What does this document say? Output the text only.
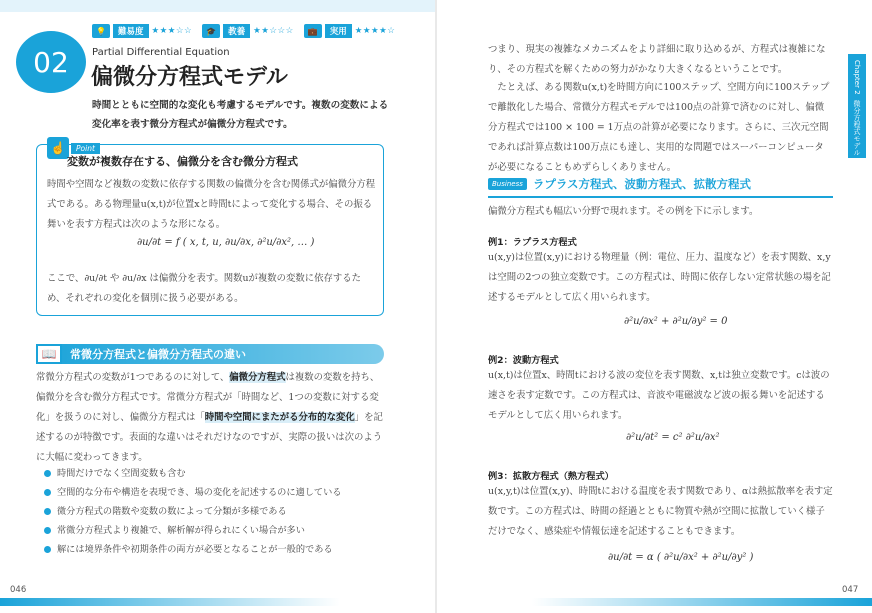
💡	難易度 ★★★☆☆	🎓	教養 ★★☆☆☆	💼	実用 ★★★★☆
02	Partial Differential Equation
偏微分方程式モデル
時間とともに空間的な変化も考慮するモデルです。複数の変数による変化率を表す微分方程式が偏微分方程式です。
☝	Point
変数が複数存在する、偏微分を含む微分方程式
時間や空間など複数の変数に依存する関数の偏微分を含む関係式が偏微分方程式である。ある物理量u(x,t)が位置xと時間tによって変化する場合、その振る舞いを表す方程式は次のような形になる。
∂u/∂t = f ( x, t, u, ∂u/∂x, ∂²u/∂x², … )
ここで、∂u/∂t や ∂u/∂x は偏微分を表す。関数uが複数の変数に依存するため、それぞれの変化を個別に扱う必要がある。
📖	常微分方程式と偏微分方程式の違い
常微分方程式の変数が1つであるのに対して、偏微分方程式は複数の変数を持ち、偏微分を含む微分方程式です。常微分方程式が「時間など、1つの変数に対する変化」を扱うのに対し、偏微分方程式は「時間や空間にまたがる分布的な変化」を記述するのが特徴です。表面的な違いはそれだけなのですが、実際の扱いは次のように大幅に変わってきます。
時間だけでなく空間変数も含む
空間的な分布や構造を表現でき、場の変化を記述するのに適している
微分方程式の階数や変数の数によって分類が多様である
常微分方程式より複雑で、解析解が得られにくい場合が多い
解には境界条件や初期条件の両方が必要となることが一般的である
046
つまり、現実の複雑なメカニズムをより詳細に取り込めるが、方程式は複雑になり、その方程式を解くための努力がかなり大きくなるということです。
たとえば、ある関数u(x,t)を時間方向に100ステップ、空間方向に100ステップで離散化した場合、常微分方程式モデルでは100点の計算で済むのに対し、偏微分方程式では100 × 100 = 1万点の計算が必要になります。さらに、三次元空間であれば計算点数は100万点にも達し、実用的な問題ではスーパーコンピュータが必要になることもめずらしくありません。
Chapter 2
微分方程式モデル
Business ラプラス方程式、波動方程式、拡散方程式
偏微分方程式も幅広い分野で現れます。その例を下に示します。
例1：ラプラス方程式
u(x,y)は位置(x,y)における物理量（例：電位、圧力、温度など）を表す関数、x,yは空間の2つの独立変数です。この方程式は、時間に依存しない定常状態の場を記述するモデルとして広く用いられます。
∂²u/∂x² + ∂²u/∂y² = 0
例2：波動方程式
u(x,t)は位置x、時間tにおける波の変位を表す関数、x,tは独立変数です。cは波の速さを表す定数です。この方程式は、音波や電磁波など波の振る舞いを記述するモデルとして広く用いられます。
∂²u/∂t² = c² ∂²u/∂x²
例3：拡散方程式（熱方程式）
u(x,y,t)は位置(x,y)、時間tにおける温度を表す関数であり、αは熱拡散率を表す定数です。この方程式は、時間の経過とともに物質や熱が空間に拡散していく様子だけでなく、感染症や情報伝達を記述することもできます。
∂u/∂t = α ( ∂²u/∂x² + ∂²u/∂y² )
047
